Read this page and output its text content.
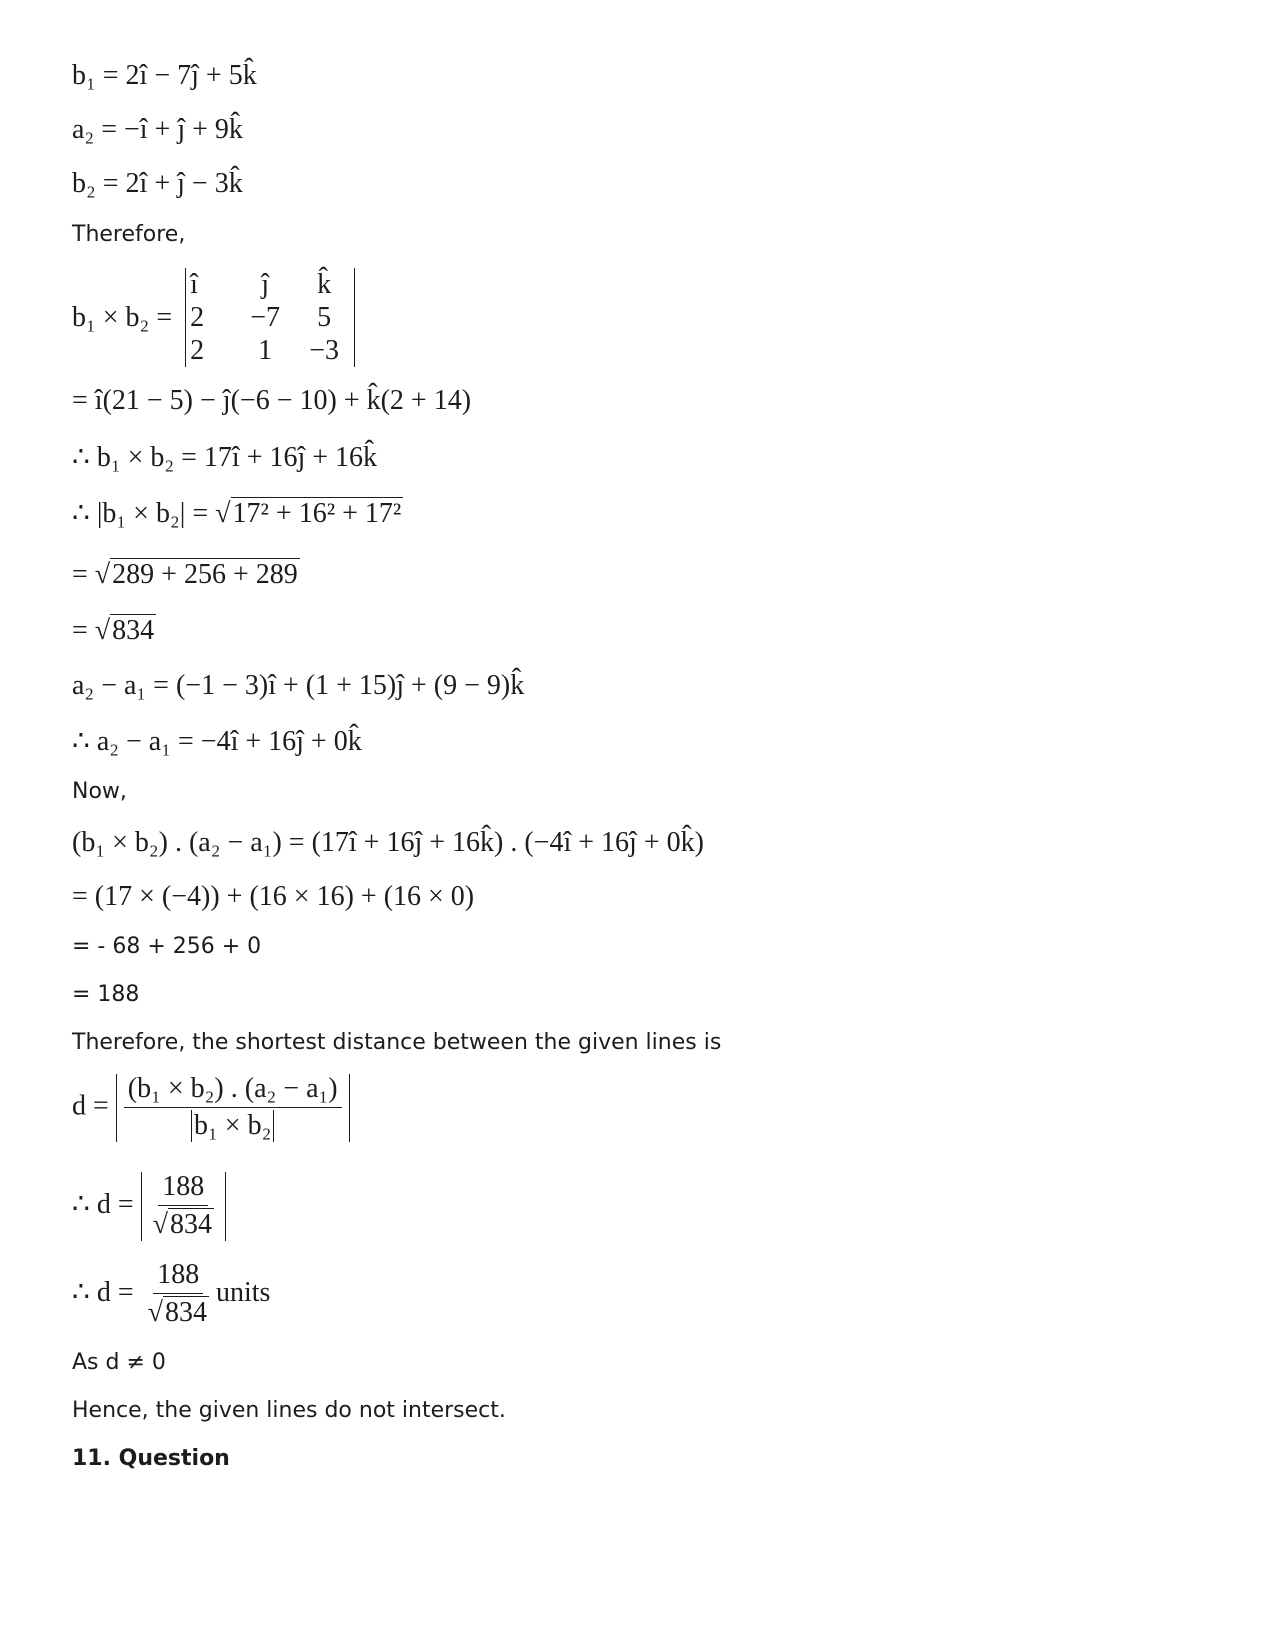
b₁ = 2î − 7ĵ + 5k̂
a₂ = −î + ĵ + 9k̂
b₂ = 2î + ĵ − 3k̂
Therefore,
b₁ × b₂ =
î	ĵ	k̂
2	−7	5
2	1	−3
= î(21 − 5) − ĵ(−6 − 10) + k̂(2 + 14)
∴ b₁ × b₂ = 17î + 16ĵ + 16k̂
∴ |b₁ × b₂| = √17² + 16² + 17²
= √289 + 256 + 289
= √834
a₂ − a₁ = (−1 − 3)î + (1 + 15)ĵ + (9 − 9)k̂
∴ a₂ − a₁ = −4î + 16ĵ + 0k̂
Now,
(b₁ × b₂) . (a₂ − a₁) = (17î + 16ĵ + 16k̂) . (−4î + 16ĵ + 0k̂)
= (17 × (−4)) + (16 × 16) + (16 × 0)
= - 68 + 256 + 0
= 188
Therefore, the shortest distance between the given lines is
$d = \frac{\text{(b₁ × b₂) . (a₂ − a₁)}}{\text{b₁ × b₂}}$
∴ $d = \frac{188}{√834}$
∴ $d = \frac{188}{√834}$ units
As d ≠ 0
Hence, the given lines do not intersect.
11. Question
